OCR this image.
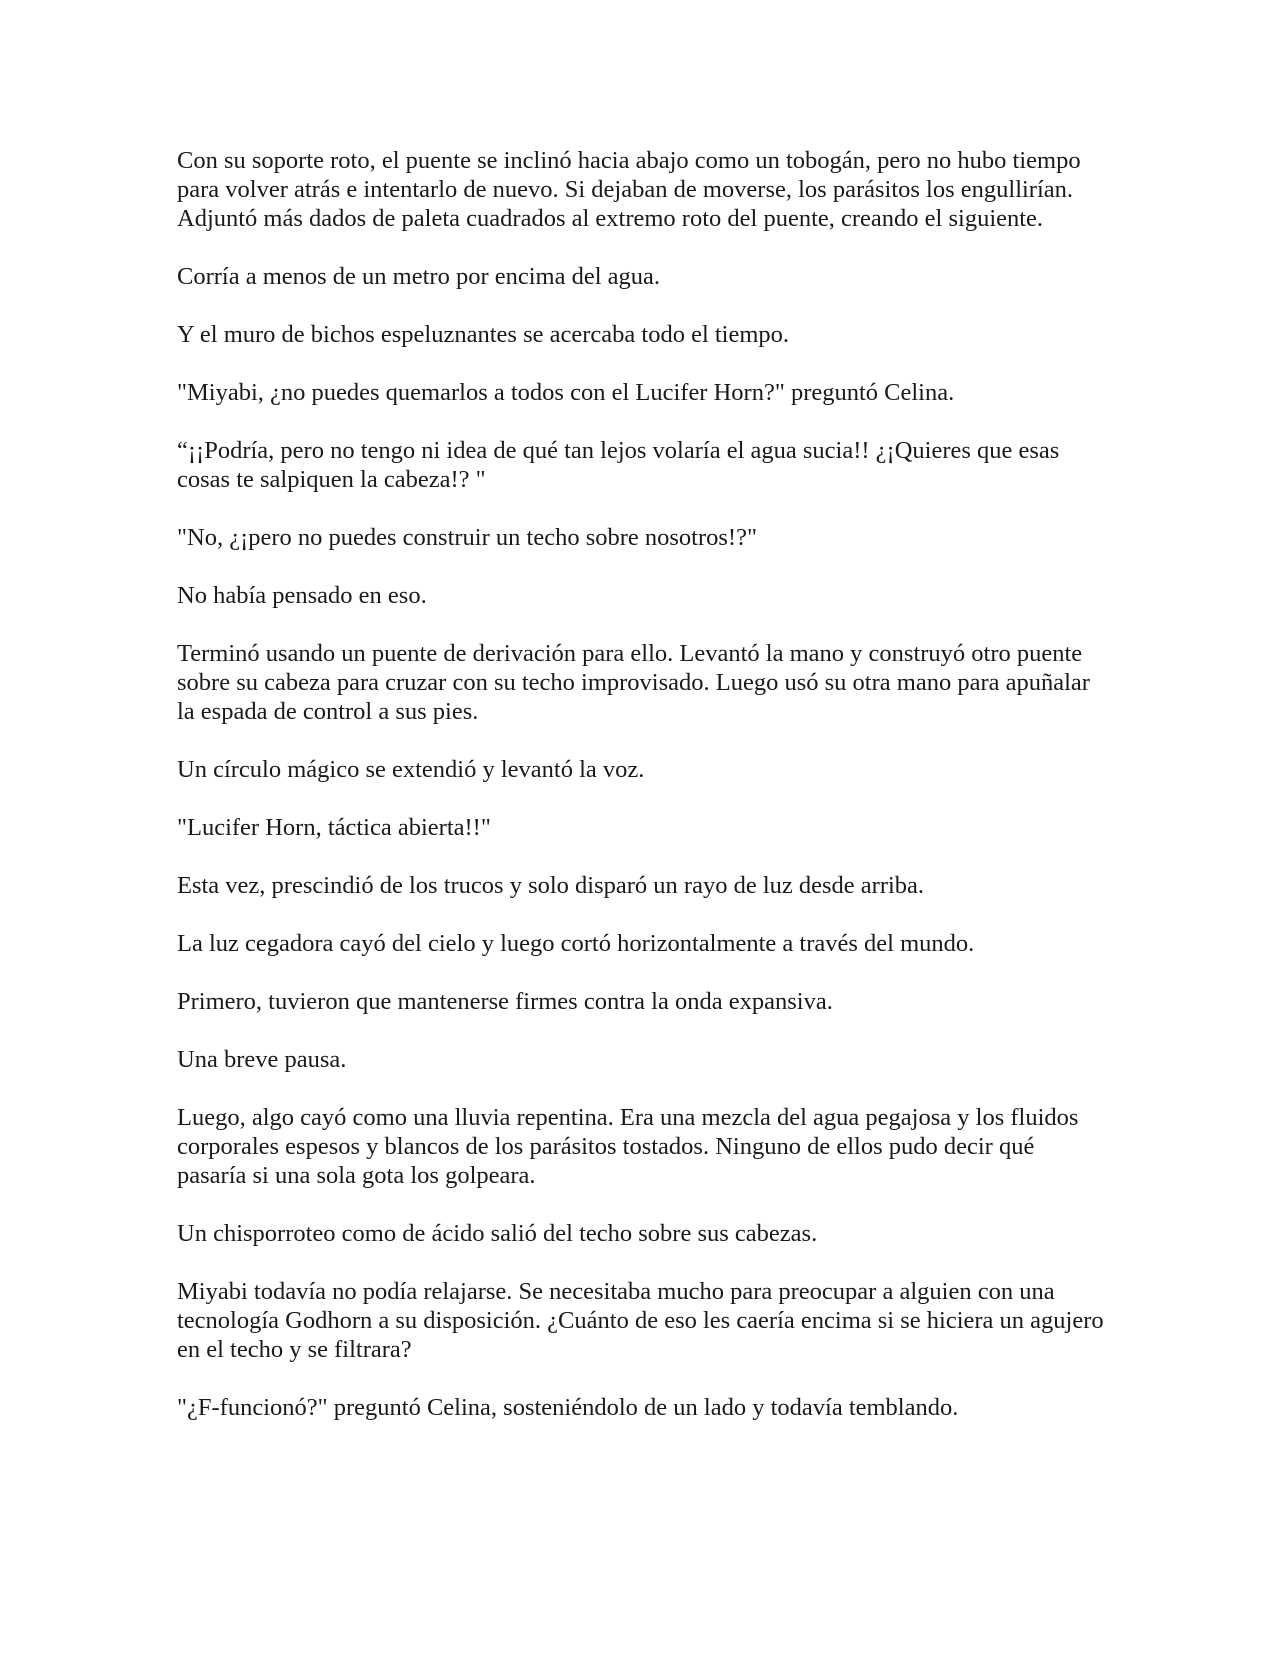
Con su soporte roto, el puente se inclinó hacia abajo como un tobogán, pero no hubo tiempo para volver atrás e intentarlo de nuevo. Si dejaban de moverse, los parásitos los engullirían. Adjuntó más dados de paleta cuadrados al extremo roto del puente, creando el siguiente.

Corría a menos de un metro por encima del agua.

Y el muro de bichos espeluznantes se acercaba todo el tiempo.

"Miyabi, ¿no puedes quemarlos a todos con el Lucifer Horn?" preguntó Celina.

“¡¡Podría, pero no tengo ni idea de qué tan lejos volaría el agua sucia!! ¿¡Quieres que esas cosas te salpiquen la cabeza!? "

"No, ¿¡pero no puedes construir un techo sobre nosotros!?"

No había pensado en eso.

Terminó usando un puente de derivación para ello. Levantó la mano y construyó otro puente sobre su cabeza para cruzar con su techo improvisado. Luego usó su otra mano para apuñalar la espada de control a sus pies.

Un círculo mágico se extendió y levantó la voz.

"Lucifer Horn, táctica abierta!!"

Esta vez, prescindió de los trucos y solo disparó un rayo de luz desde arriba.

La luz cegadora cayó del cielo y luego cortó horizontalmente a través del mundo.

Primero, tuvieron que mantenerse firmes contra la onda expansiva.

Una breve pausa.

Luego, algo cayó como una lluvia repentina. Era una mezcla del agua pegajosa y los fluidos corporales espesos y blancos de los parásitos tostados. Ninguno de ellos pudo decir qué pasaría si una sola gota los golpeara.

Un chisporroteo como de ácido salió del techo sobre sus cabezas.

Miyabi todavía no podía relajarse. Se necesitaba mucho para preocupar a alguien con una tecnología Godhorn a su disposición. ¿Cuánto de eso les caería encima si se hiciera un agujero en el techo y se filtrara?

"¿F-funcionó?" preguntó Celina, sosteniéndolo de un lado y todavía temblando.
